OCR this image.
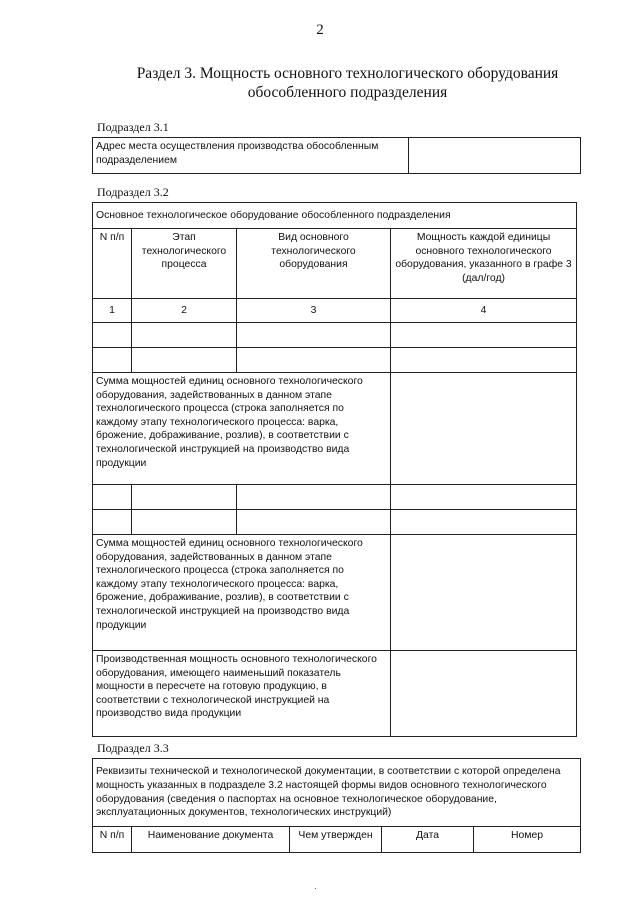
2
Раздел 3. Мощность основного технологического оборудования
обособленного подразделения
Подраздел 3.1
Адрес места осуществления производства обособленным подразделением	
Подраздел 3.2
Основное технологическое оборудование обособленного подразделения			
N п/п	Этап технологического процесса	Вид основного технологического оборудования	Мощность каждой единицы основного технологического оборудования, указанного в графе 3 (дал/год)
1	2	3	4

Сумма мощностей единиц основного технологического оборудования, задействованных в данном этапе технологического процесса (строка заполняется по каждому этапу технологического процесса: варка, брожение, дображивание, розлив), в соответствии с технологической инструкцией на производство вида продукции			

Сумма мощностей единиц основного технологического оборудования, задействованных в данном этапе технологического процесса (строка заполняется по каждому этапу технологического процесса: варка, брожение, дображивание, розлив), в соответствии с технологической инструкцией на производство вида продукции			
Производственная мощность основного технологического оборудования, имеющего наименьший показатель мощности в пересчете на готовую продукцию, в соответствии с технологической инструкцией на производство вида продукции			
Подраздел 3.3
Реквизиты технической и технологической документации, в соответствии с которой определена мощность указанных в подразделе 3.2 настоящей формы видов основного технологического оборудования (сведения о паспортах на основное технологическое оборудование, эксплуатационных документов, технологических инструкций)
N п/п	Наименование документа	Чем утвержден	Дата	Номер
·
